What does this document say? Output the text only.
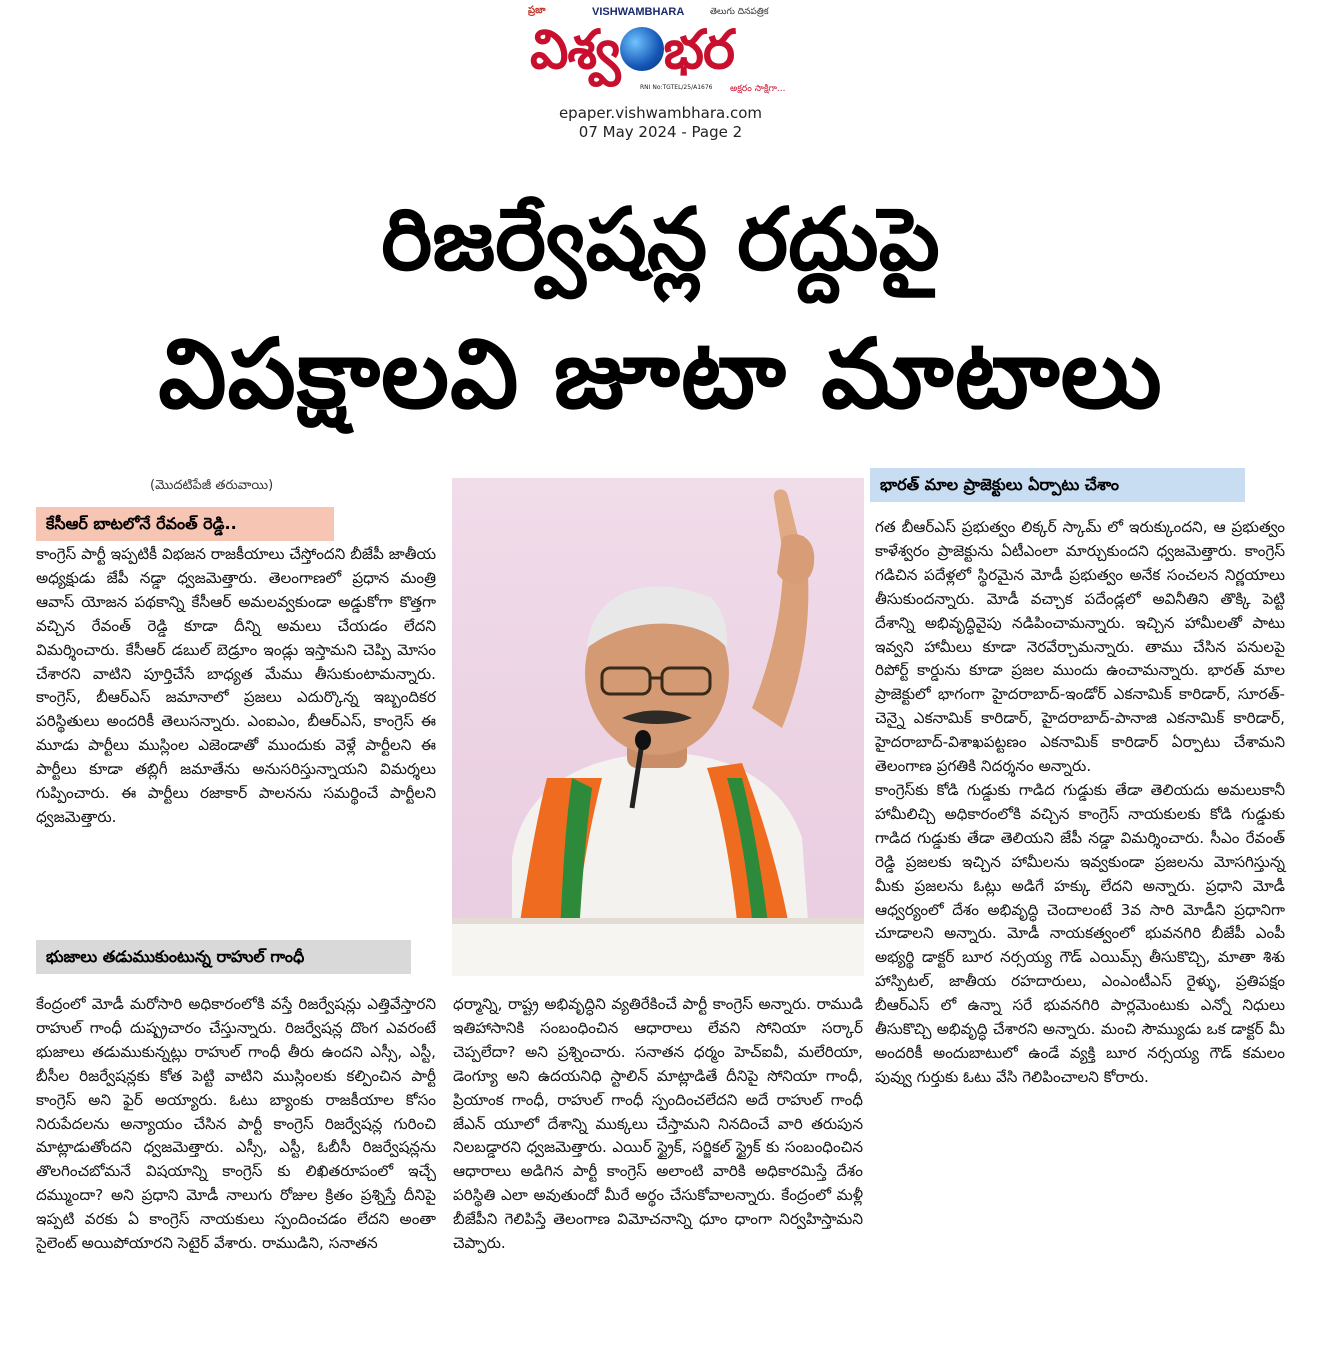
ప్రజా	VISHWAMBHARA	తెలుగు దినపత్రిక
విశ్వ భర
RNI No:TGTEL/25/A1676 అక్షరం సాక్షిగా...
epaper.vishwambhara.com
07 May 2024 - Page 2
రిజర్వేషన్ల రద్దుపై
విపక్షాలవి జూటా మాటాలు
(మొదటిపేజీ తరువాయి)
కేసీఆర్ బాటలోనే రేవంత్ రెడ్డి..

కాంగ్రెస్ పార్టీ ఇప్పటికీ విభజన రాజకీయాలు చేస్తోందని బీజేపీ జాతీయ అధ్యక్షుడు జేపీ నడ్డా ధ్వజమెత్తారు. తెలంగాణలో ప్రధాన మంత్రి ఆవాస్ యోజన పథకాన్ని కేసీఆర్ అమలవ్వకుండా అడ్డుకోగా కొత్తగా వచ్చిన రేవంత్ రెడ్డి కూడా దీన్ని అమలు చేయడం లేదని విమర్శించారు. కేసీఆర్ డబుల్ బెడ్రూం ఇండ్లు ఇస్తామని చెప్పి మోసం చేశారని వాటిని పూర్తిచేసే బాధ్యత మేము తీసుకుంటామన్నారు. కాంగ్రెస్, బీఆర్ఎస్ జమానాలో ప్రజలు ఎదుర్కొన్న ఇబ్బందికర పరిస్థితులు అందరికీ తెలుసన్నారు. ఎంఐఎం, బీఆర్ఎస్, కాంగ్రెస్ ఈ మూడు పార్టీలు ముస్లింల ఎజెండాతో ముందుకు వెళ్లే పార్టీలని ఈ పార్టీలు కూడా తబ్లిగీ జమాతేను అనుసరిస్తున్నాయని విమర్శలు గుప్పించారు. ఈ పార్టీలు రజాకార్ పాలనను సమర్థించే పార్టీలని ధ్వజమెత్తారు.

భుజాలు తడుముకుంటున్న రాహుల్ గాంధీ

కేంద్రంలో మోడీ మరోసారి అధికారంలోకి వస్తే రిజర్వేషన్లు ఎత్తివేస్తారని రాహుల్ గాంధీ దుష్ప్రచారం చేస్తున్నారు. రిజర్వేషన్ల దొంగ ఎవరంటే భుజాలు తడుముకున్నట్లు రాహుల్ గాంధీ తీరు ఉందని ఎస్సీ, ఎస్టీ, బీసీల రిజర్వేషన్లకు కోత పెట్టి వాటిని ముస్లింలకు కల్పించిన పార్టీ కాంగ్రెస్ అని ఫైర్ అయ్యారు. ఓటు బ్యాంకు రాజకీయాల కోసం నిరుపేదలను అన్యాయం చేసిన పార్టీ కాంగ్రెస్ రిజర్వేషన్ల గురించి మాట్లాడుతోందని ధ్వజమెత్తారు. ఎస్సీ, ఎస్టీ, ఓబీసీ రిజర్వేషన్లను తొలగించబోమనే విషయాన్ని కాంగ్రెస్ కు లిఖితరూపంలో ఇచ్చే దమ్ముందా? అని ప్రధాని మోడీ నాలుగు రోజుల క్రితం ప్రశ్నిస్తే దీనిపై ఇప్పటి వరకు ఏ కాంగ్రెస్ నాయకులు స్పందించడం లేదని అంతా సైలెంట్ అయిపోయారని సెటైర్ వేశారు. రాముడిని, సనాతన

ధర్మాన్ని, రాష్ట్ర అభివృద్ధిని వ్యతిరేకించే పార్టీ కాంగ్రెస్ అన్నారు. రాముడి ఇతిహాసానికి సంబంధించిన ఆధారాలు లేవని సోనియా సర్కార్ చెప్పలేదా? అని ప్రశ్నించారు. సనాతన ధర్మం హెచ్ఐవీ, మలేరియా, డెంగ్యూ అని ఉదయనిధి స్టాలిన్ మాట్లాడితే దీనిపై సోనియా గాంధీ, ప్రియాంక గాంధీ, రాహుల్ గాంధీ స్పందించలేదని అదే రాహుల్ గాంధీ జేఎన్ యూలో దేశాన్ని ముక్కలు చేస్తామని నినదించే వారి తరుపున నిలబడ్డారని ధ్వజమెత్తారు. ఎయిర్ స్ట్రైక్, సర్జికల్ స్ట్రైక్ కు సంబంధించిన ఆధారాలు అడిగిన పార్టీ కాంగ్రెస్ అలాంటి వారికి అధికారమిస్తే దేశం పరిస్థితి ఎలా అవుతుందో మీరే అర్థం చేసుకోవాలన్నారు. కేంద్రంలో మళ్లీ బీజేపీని గెలిపిస్తే తెలంగాణ విమోచనాన్ని ధూం ధాంగా నిర్వహిస్తామని చెప్పారు.

భారత్ మాల ప్రాజెక్టులు ఏర్పాటు చేశాం

గత బీఆర్ఎస్ ప్రభుత్వం లిక్కర్ స్కామ్ లో ఇరుక్కుందని, ఆ ప్రభుత్వం కాళేశ్వరం ప్రాజెక్టును ఏటీఎంలా మార్చుకుందని ధ్వజమెత్తారు. కాంగ్రెస్ గడిచిన పదేళ్లలో స్థిరమైన మోడీ ప్రభుత్వం అనేక సంచలన నిర్ణయాలు తీసుకుందన్నారు. మోడీ వచ్చాక పదేండ్లలో అవినీతిని తొక్కి పెట్టి దేశాన్ని అభివృద్ధివైపు నడిపించామన్నారు. ఇచ్చిన హామీలతో పాటు ఇవ్వని హామీలు కూడా నెరవేర్చామన్నారు. తాము చేసిన పనులపై రిపోర్ట్ కార్డును కూడా ప్రజల ముందు ఉంచామన్నారు. భారత్ మాల ప్రాజెక్టులో భాగంగా హైదరాబాద్-ఇండోర్ ఎకనామిక్ కారిడార్, సూరత్-చెన్నై ఎకనామిక్ కారిడార్, హైదరాబాద్-పానాజి ఎకనామిక్ కారిడార్, హైదరాబాద్-విశాఖపట్టణం ఎకనామిక్ కారిడార్ ఏర్పాటు చేశామని తెలంగాణ ప్రగతికి నిదర్శనం అన్నారు.

కాంగ్రెస్‌కు కోడి గుడ్డుకు గాడిద గుడ్డుకు తేడా తెలియదు అమలుకానీ హామీలిచ్చి అధికారంలోకి వచ్చిన కాంగ్రెస్ నాయకులకు కోడి గుడ్డుకు గాడిద గుడ్డుకు తేడా తెలియని జేపీ నడ్డా విమర్శించారు. సీఎం రేవంత్ రెడ్డి ప్రజలకు ఇచ్చిన హామీలను ఇవ్వకుండా ప్రజలను మోసగిస్తున్న మీకు ప్రజలను ఓట్లు అడిగే హక్కు లేదని అన్నారు. ప్రధాని మోడీ ఆధ్వర్యంలో దేశం అభివృద్ధి చెందాలంటే 3వ సారి మోడీని ప్రధానిగా చూడాలని అన్నారు. మోడీ నాయకత్వంలో భువనగిరి బీజేపీ ఎంపీ అభ్యర్థి డాక్టర్ బూర నర్సయ్య గౌడ్ ఎయిమ్స్ తీసుకొచ్చి, మాతా శిశు హాస్పిటల్, జాతీయ రహదారులు, ఎంఎంటీఎస్ రైళ్ళు, ప్రతిపక్షం బీఆర్ఎస్ లో ఉన్నా సరే భువనగిరి పార్లమెంటుకు ఎన్నో నిధులు తీసుకొచ్చి అభివృద్ధి చేశారని అన్నారు. మంచి సౌమ్యుడు ఒక డాక్టర్ మీ అందరికీ అందుబాటులో ఉండే వ్యక్తి బూర నర్సయ్య గౌడ్ కమలం పువ్వు గుర్తుకు ఓటు వేసి గెలిపించాలని కోరారు.
